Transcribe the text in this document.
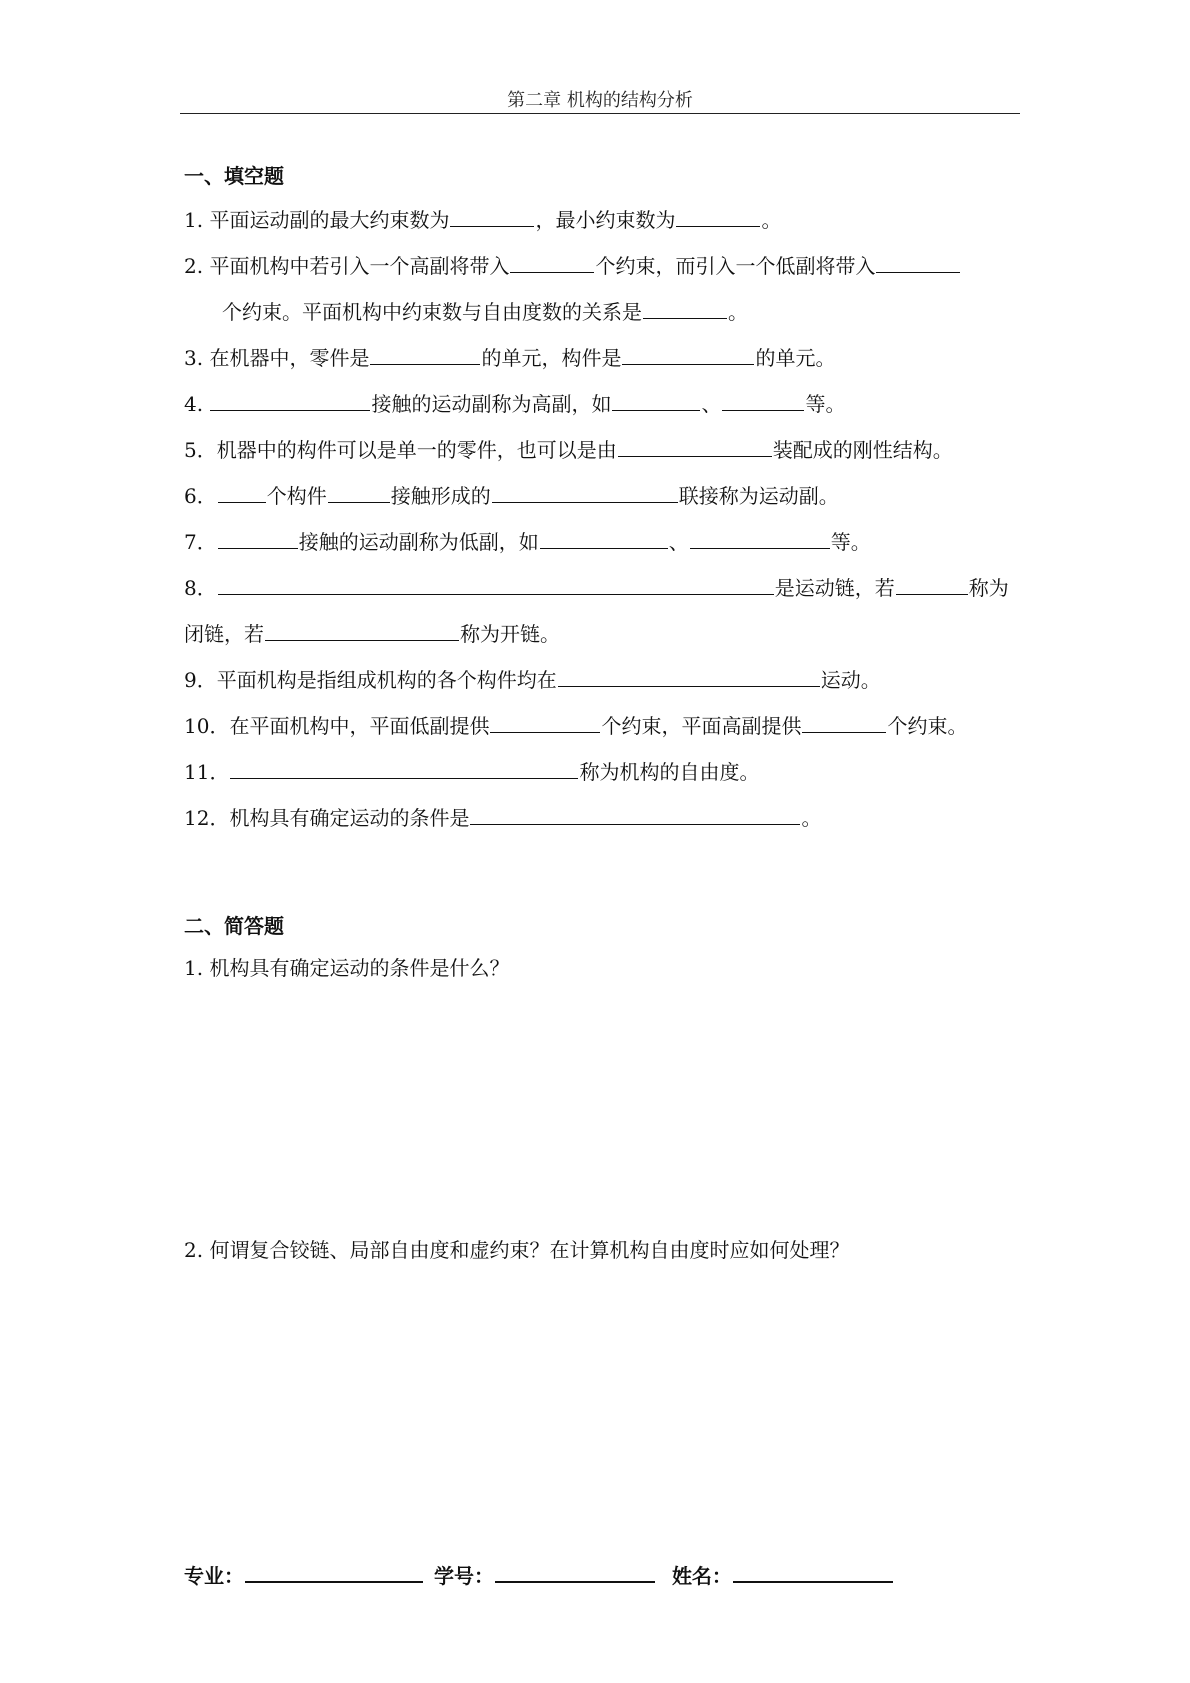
第二章 机构的结构分析
一、填空题
1. 平面运动副的最大约束数为	，最小约束数为	。
2. 平面机构中若引入一个高副将带入	个约束，而引入一个低副将带入
个约束。平面机构中约束数与自由度数的关系是	。
3. 在机器中，零件是	的单元，构件是	的单元。
4.	接触的运动副称为高副，如	、	等。
5．机器中的构件可以是单一的零件，也可以是由	装配成的刚性结构。
6．	个构件	接触形成的	联接称为运动副。
7．	接触的运动副称为低副，如	、	等。
8．	是运动链，若	称为
闭链，若	称为开链。
9．平面机构是指组成机构的各个构件均在	运动。
10．在平面机构中，平面低副提供	个约束，平面高副提供	个约束。
11．	称为机构的自由度。
12．机构具有确定运动的条件是	。
二、简答题
1. 机构具有确定运动的条件是什么？
2. 何谓复合铰链、局部自由度和虚约束？在计算机构自由度时应如何处理？
专业：	学号：	姓名：
